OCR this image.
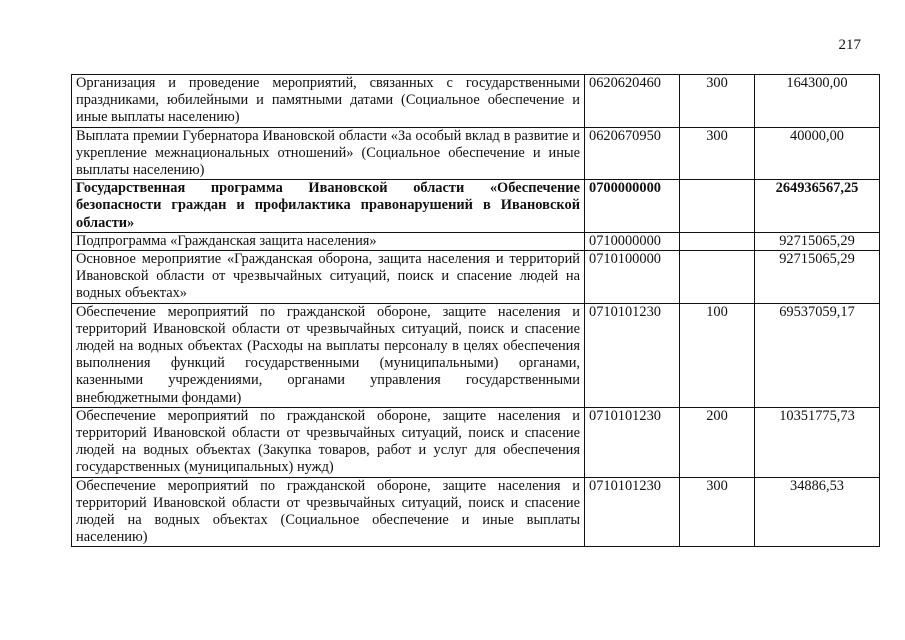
217
Организация и проведение мероприятий, связанных с государственными праздниками, юбилейными и памятными датами (Социальное обеспечение и иные выплаты населению)	0620620460	300	164300,00
Выплата премии Губернатора Ивановской области «За особый вклад в развитие и укрепление межнациональных отношений» (Социальное обеспечение и иные выплаты населению)	0620670950	300	40000,00
Государственная программа Ивановской области «Обеспечение безопасности граждан и профилактика правонарушений в Ивановской области»	0700000000		264936567,25
Подпрограмма «Гражданская защита населения»	0710000000		92715065,29
Основное мероприятие «Гражданская оборона, защита населения и территорий Ивановской области от чрезвычайных ситуаций, поиск и спасение людей на водных объектах»	0710100000		92715065,29
Обеспечение мероприятий по гражданской обороне, защите населения и территорий Ивановской области от чрезвычайных ситуаций, поиск и спасение людей на водных объектах (Расходы на выплаты персоналу в целях обеспечения выполнения функций государственными (муниципальными) органами, казенными учреждениями, органами управления государственными внебюджетными фондами)	0710101230	100	69537059,17
Обеспечение мероприятий по гражданской обороне, защите населения и территорий Ивановской области от чрезвычайных ситуаций, поиск и спасение людей на водных объектах (Закупка товаров, работ и услуг для обеспечения государственных (муниципальных) нужд)	0710101230	200	10351775,73
Обеспечение мероприятий по гражданской обороне, защите населения и территорий Ивановской области от чрезвычайных ситуаций, поиск и спасение людей на водных объектах (Социальное обеспечение и иные выплаты населению)	0710101230	300	34886,53
